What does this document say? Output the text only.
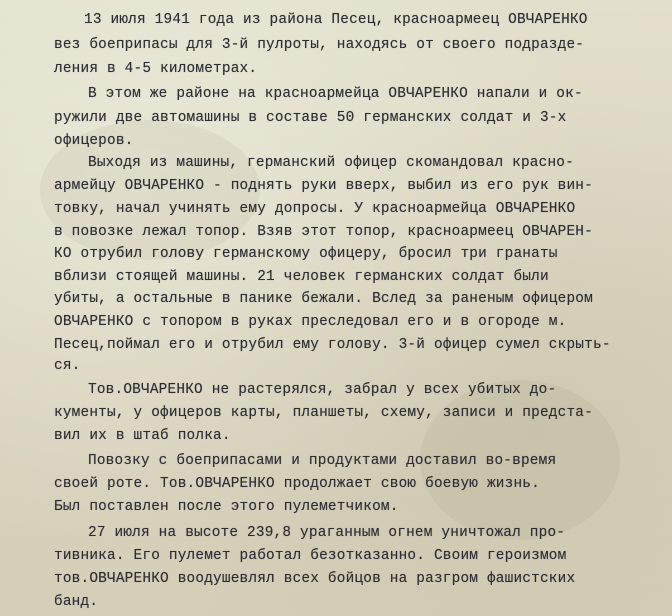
13 июля 1941 года из района Песец, красноармеец ОВЧАРЕНКО
вез боеприпасы для 3-й пулроты, находясь от своего подразде-
ления в 4-5 километрах.
В этом же районе на красноармейца ОВЧАРЕНКО напали и ок-
ружили две автомашины в составе 50 германских солдат и 3-х
офицеров.
Выходя из машины, германский офицер скомандовал красно-
армейцу ОВЧАРЕНКО - поднять руки вверх, выбил из его рук вин-
товку, начал учинять ему допросы. У красноармейца ОВЧАРЕНКО
в повозке лежал топор. Взяв этот топор, красноармеец ОВЧАРЕН-
КО отрубил голову германскому офицеру, бросил три гранаты
вблизи стоящей машины. 21 человек германских солдат были
убиты, а остальные в панике бежали. Вслед за раненым офицером
ОВЧАРЕНКО с топором в руках преследовал его и в огороде м.
Песец,поймал его и отрубил ему голову. 3-й офицер сумел скрыть-
ся.
Тов.ОВЧАРЕНКО не растерялся, забрал у всех убитых до-
кументы, у офицеров карты, планшеты, схему, записи и предста-
вил их в штаб полка.
Повозку с боеприпасами и продуктами доставил во-время
своей роте. Тов.ОВЧАРЕНКО продолжает свою боевую жизнь.
Был поставлен после этого пулеметчиком.
27 июля на высоте 239,8 ураганным огнем уничтожал про-
тивника. Его пулемет работал безотказанно. Своим героизмом
тов.ОВЧАРЕНКО воодушевлял всех бойцов на разгром фашистских
банд.
